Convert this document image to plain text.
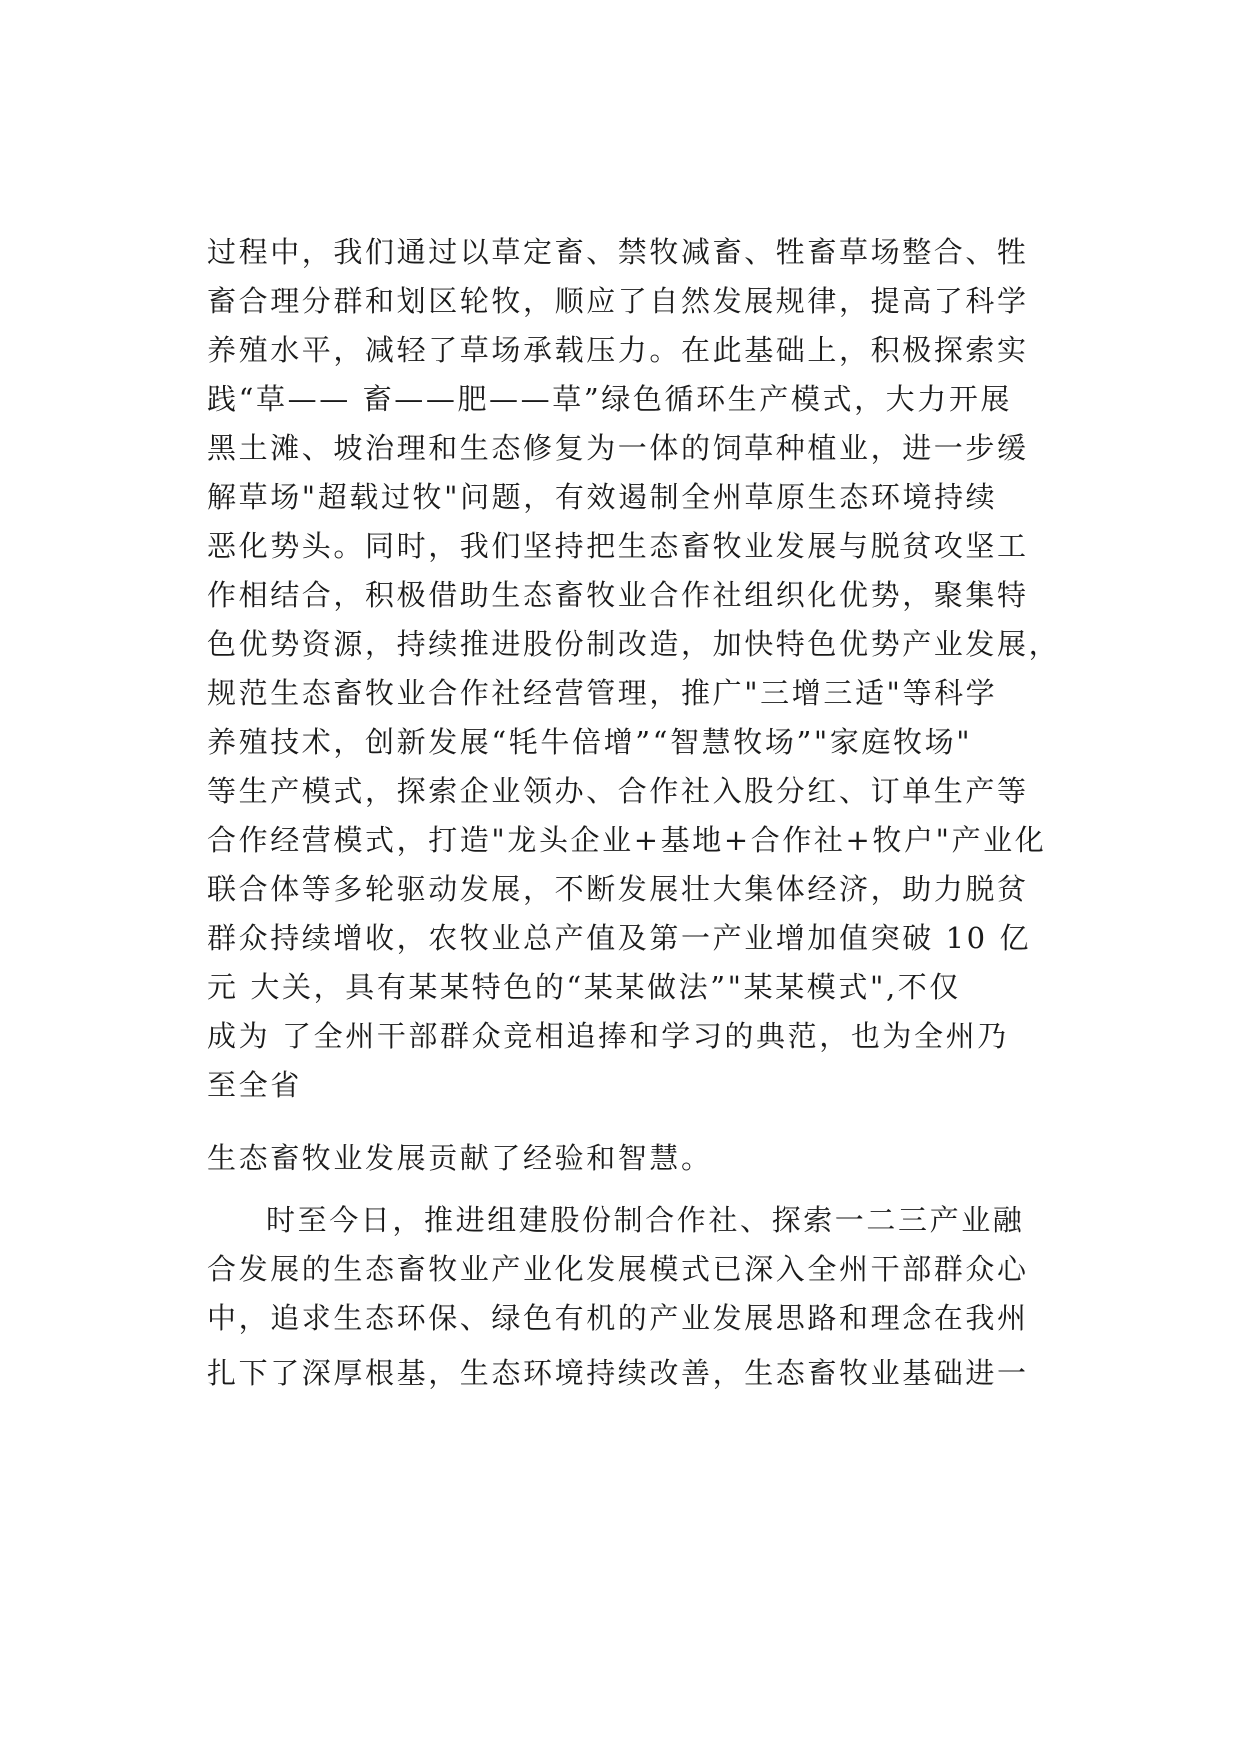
过程中，我们通过以草定畜、禁牧减畜、牲畜草场整合、牲
畜合理分群和划区轮牧，顺应了自然发展规律，提高了科学
养殖水平，减轻了草场承载压力。在此基础上，积极探索实
践“草—— 畜——肥——草”绿色循环生产模式，大力开展
黑土滩、坡治理和生态修复为一体的饲草种植业，进一步缓
解草场"超载过牧"问题，有效遏制全州草原生态环境持续
恶化势头。同时，我们坚持把生态畜牧业发展与脱贫攻坚工
作相结合，积极借助生态畜牧业合作社组织化优势，聚集特
色优势资源，持续推进股份制改造，加快特色优势产业发展，
规范生态畜牧业合作社经营管理，推广"三增三适"等科学
养殖技术，创新发展“牦牛倍增”“智慧牧场”"家庭牧场"
等生产模式，探索企业领办、合作社入股分红、订单生产等
合作经营模式，打造"龙头企业+基地+合作社+牧户"产业化
联合体等多轮驱动发展，不断发展壮大集体经济，助力脱贫
群众持续增收，农牧业总产值及第一产业增加值突破 10 亿
元 大关，具有某某特色的“某某做法”"某某模式",不仅
成为 了全州干部群众竞相追捧和学习的典范，也为全州乃
至全省
生态畜牧业发展贡献了经验和智慧。
时至今日，推进组建股份制合作社、探索一二三产业融
合发展的生态畜牧业产业化发展模式已深入全州干部群众心
中，追求生态环保、绿色有机的产业发展思路和理念在我州
扎下了深厚根基，生态环境持续改善，生态畜牧业基础进一
